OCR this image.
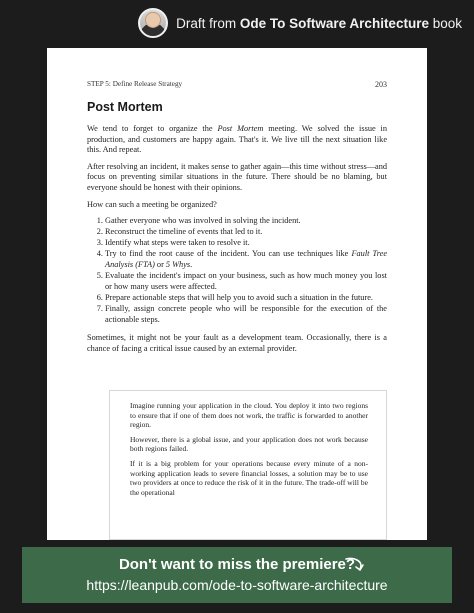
Draft from Ode To Software Architecture book
STEP 5: Define Release Strategy	203
Post Mortem

We tend to forget to organize the Post Mortem meeting. We solved the issue in production, and customers are happy again. That's it. We live till the next situation like this. And repeat.

After resolving an incident, it makes sense to gather again—this time without stress—and focus on preventing similar situations in the future. There should be no blaming, but everyone should be honest with their opinions.

How can such a meeting be organized?

1. Gather everyone who was involved in solving the incident.
2. Reconstruct the timeline of events that led to it.
3. Identify what steps were taken to resolve it.
4. Try to find the root cause of the incident. You can use techniques like Fault Tree Analysis (FTA) or 5 Whys.
5. Evaluate the incident's impact on your business, such as how much money you lost or how many users were affected.
6. Prepare actionable steps that will help you to avoid such a situation in the future.
7. Finally, assign concrete people who will be responsible for the execution of the actionable steps.

Sometimes, it might not be your fault as a development team. Occasionally, there is a chance of facing a critical issue caused by an external provider.

Imagine running your application in the cloud. You deploy it into two regions to ensure that if one of them does not work, the traffic is forwarded to another region.

However, there is a global issue, and your application does not work because both regions failed.

If it is a big problem for your operations because every minute of a non-working application leads to severe financial losses, a solution may be to use two providers at once to reduce the risk of it in the future. The trade-off will be the operational

Don't want to miss the premiere?
https://leanpub.com/ode-to-software-architecture
